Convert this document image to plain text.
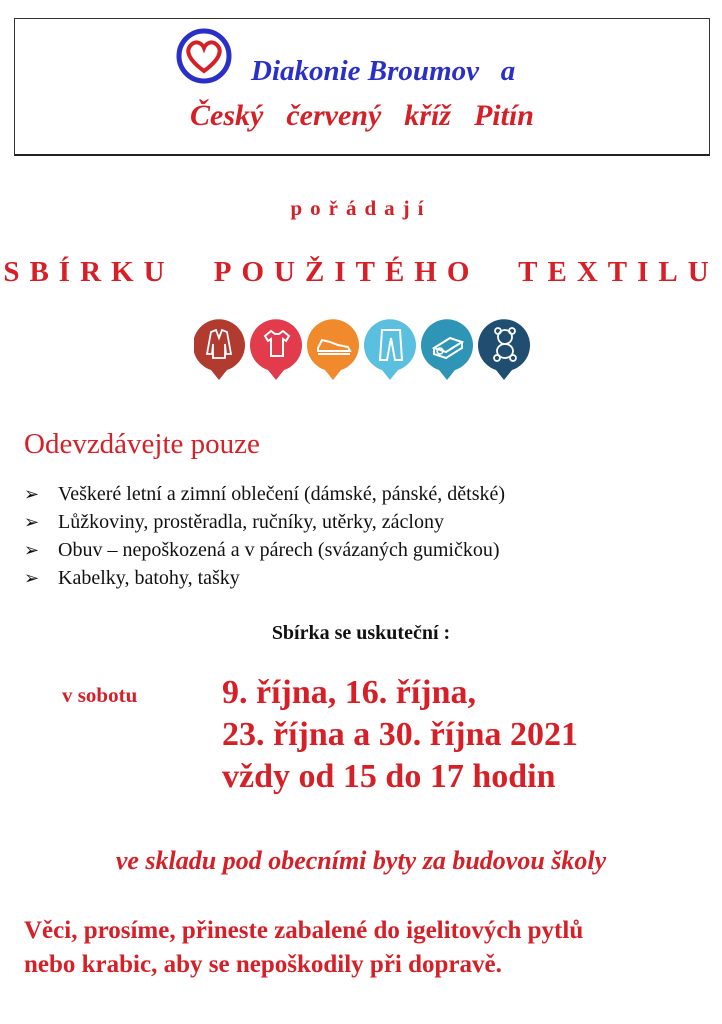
Diakonie Broumov   a
Český  červený  kříž  Pitín
pořádají
SBÍRKU POUŽITÉHO TEXTILU
Odevzdávejte pouze
➢ Veškeré letní a zimní oblečení (dámské, pánské, dětské)
➢ Lůžkoviny, prostěradla, ručníky, utěrky, záclony
➢ Obuv – nepoškozená a v párech (svázaných gumičkou)
➢ Kabelky, batohy, tašky
Sbírka se uskuteční :
v sobotu 9. října, 16. října,
23. října a 30. října 2021
vždy od 15 do 17 hodin
ve skladu pod obecními byty za budovou školy
Věci, prosíme, přineste zabalené do igelitových pytlů
nebo krabic, aby se nepoškodily při dopravě.
